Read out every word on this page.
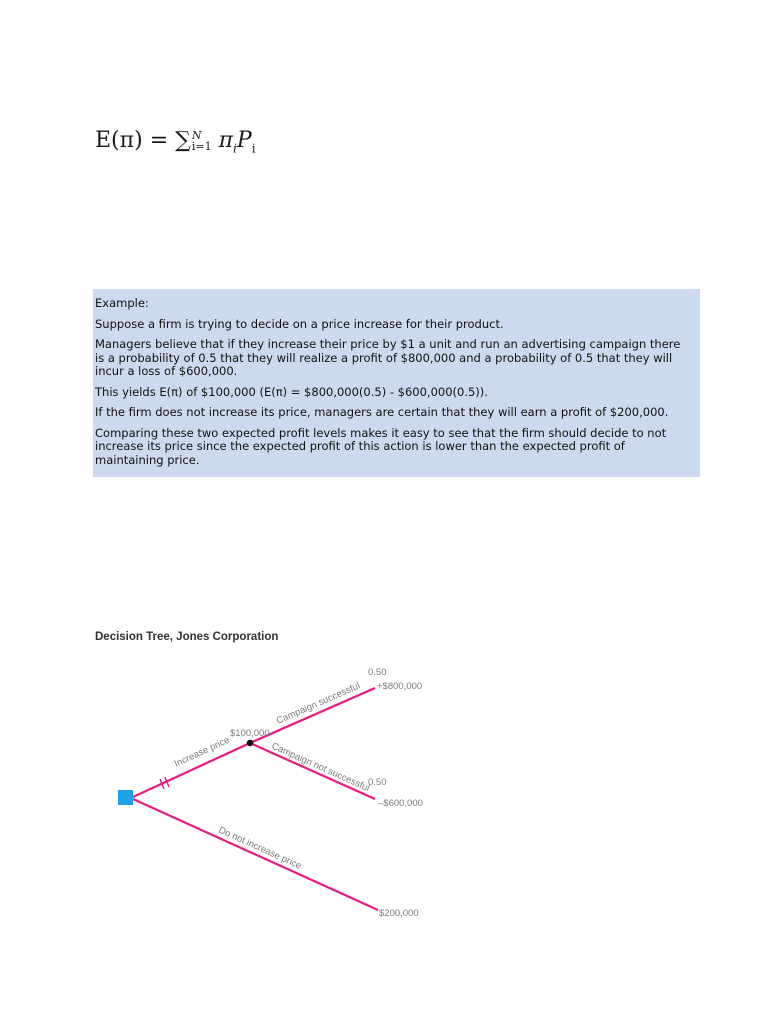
E(π) = ∑ N
i=1 $\pi_iP_i$

Example:

Suppose a firm is trying to decide on a price increase for their product.

Managers believe that if they increase their price by $1 a unit and run an advertising campaign there is a probability of 0.5 that they will realize a profit of $800,000 and a probability of 0.5 that they will incur a loss of $600,000.

This yields E(π) of $100,000 (E(π) = $800,000(0.5) - $600,000(0.5)).

If the firm does not increase its price, managers are certain that they will earn a profit of $200,000.

Comparing these two expected profit levels makes it easy to see that the firm should decide to not increase its price since the expected profit of this action is lower than the expected profit of maintaining price.

Decision Tree, Jones Corporation
Increase price
$100,000
Campaign successful
Campaign not successful
Do not increase price
0.50
+$800,000
0.50
–$600,000
$200,000
